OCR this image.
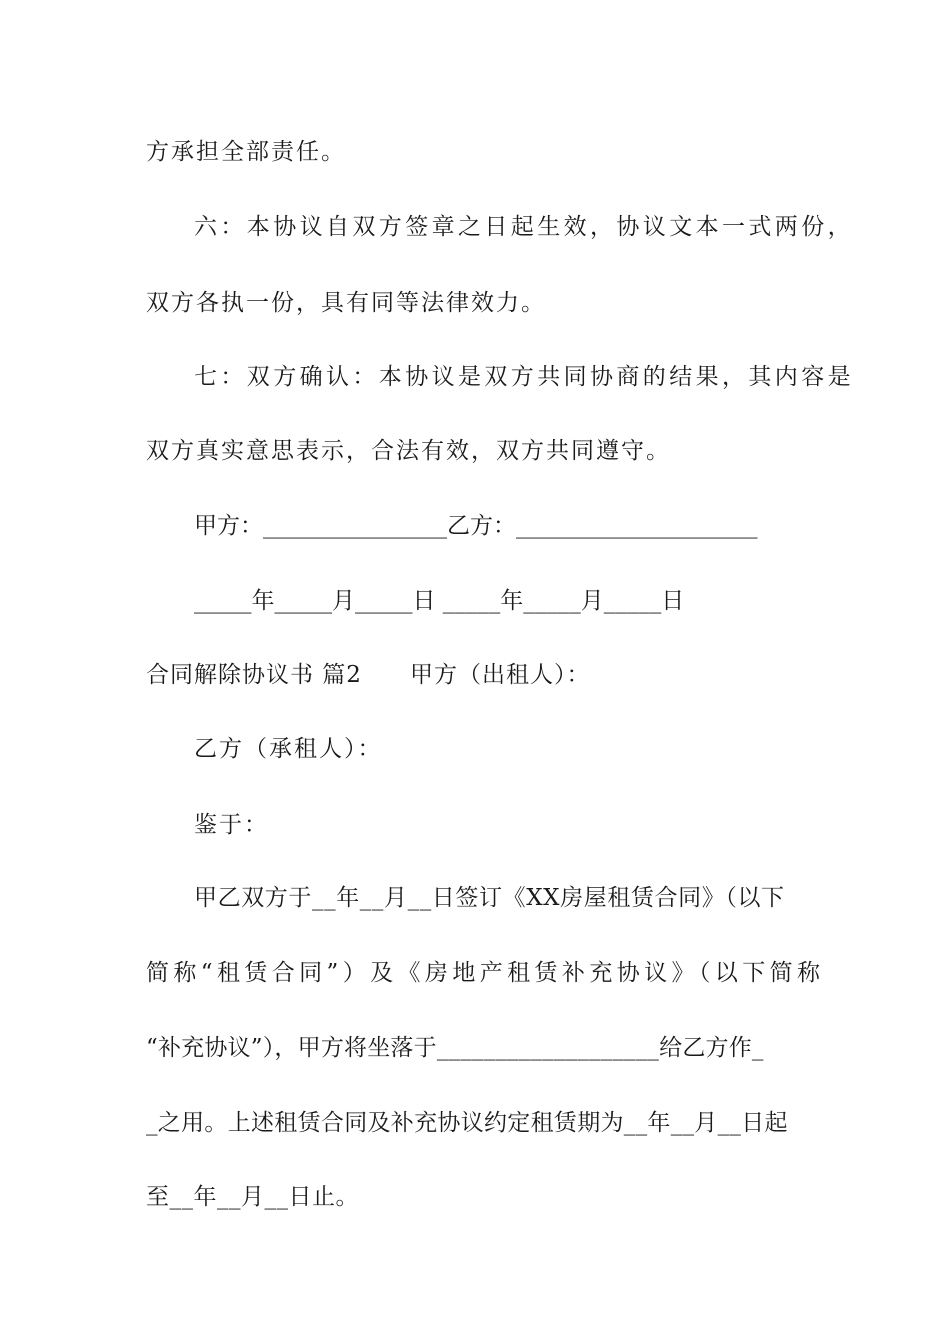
方承担全部责任。
六：本协议自双方签章之日起生效，协议文本一式两份，
双方各执一份，具有同等法律效力。
七：双方确认：本协议是双方共同协商的结果，其内容是
双方真实意思表示，合法有效，双方共同遵守。
甲方：________________乙方：_____________________
_____年_____月_____日 _____年_____月_____日
合同解除协议书 篇2　　甲方（出租人）：
乙方（承租人）：
鉴于：
甲乙双方于__年__月__日签订《XX房屋租赁合同》（以下
简称“租赁合同”）及《房地产租赁补充协议》（以下简称
“补充协议”），甲方将坐落于___________________给乙方作_
_之用。上述租赁合同及补充协议约定租赁期为__年__月__日起
至__年__月__日止。
